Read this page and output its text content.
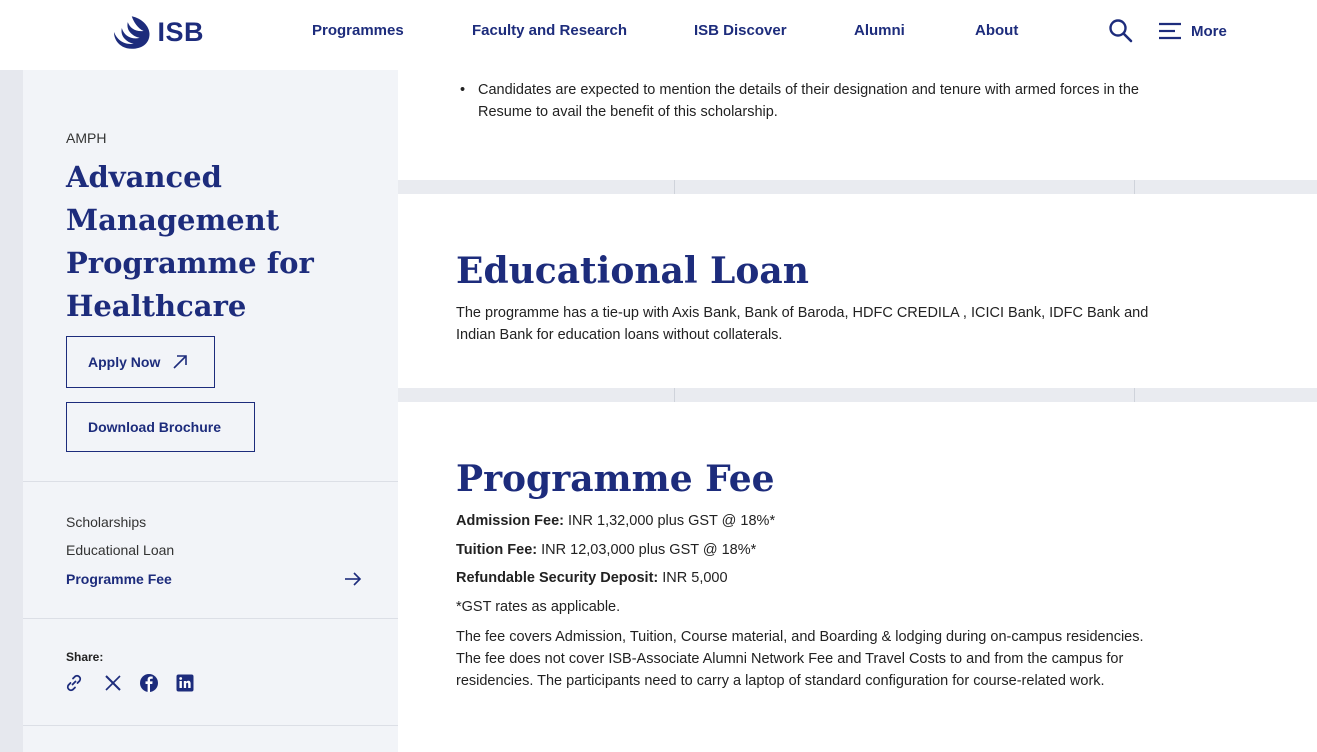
ISB	Programmes	Faculty and Research	ISB Discover	Alumni	About	More
AMPH
Advanced Management Programme for Healthcare
Apply Now
Download Brochure
Scholarships
Educational Loan
Programme Fee
Share:
• Candidates are expected to mention the details of their designation and tenure with armed forces in the Resume to avail the benefit of this scholarship.
Educational Loan
The programme has a tie-up with Axis Bank, Bank of Baroda, HDFC CREDILA , ICICI Bank, IDFC Bank and Indian Bank for education loans without collaterals.
Programme Fee
Admission Fee: INR 1,32,000 plus GST @ 18%*
Tuition Fee: INR 12,03,000 plus GST @ 18%*
Refundable Security Deposit: INR 5,000
*GST rates as applicable.
The fee covers Admission, Tuition, Course material, and Boarding & lodging during on-campus residencies. The fee does not cover ISB-Associate Alumni Network Fee and Travel Costs to and from the campus for residencies. The participants need to carry a laptop of standard configuration for course-related work.
